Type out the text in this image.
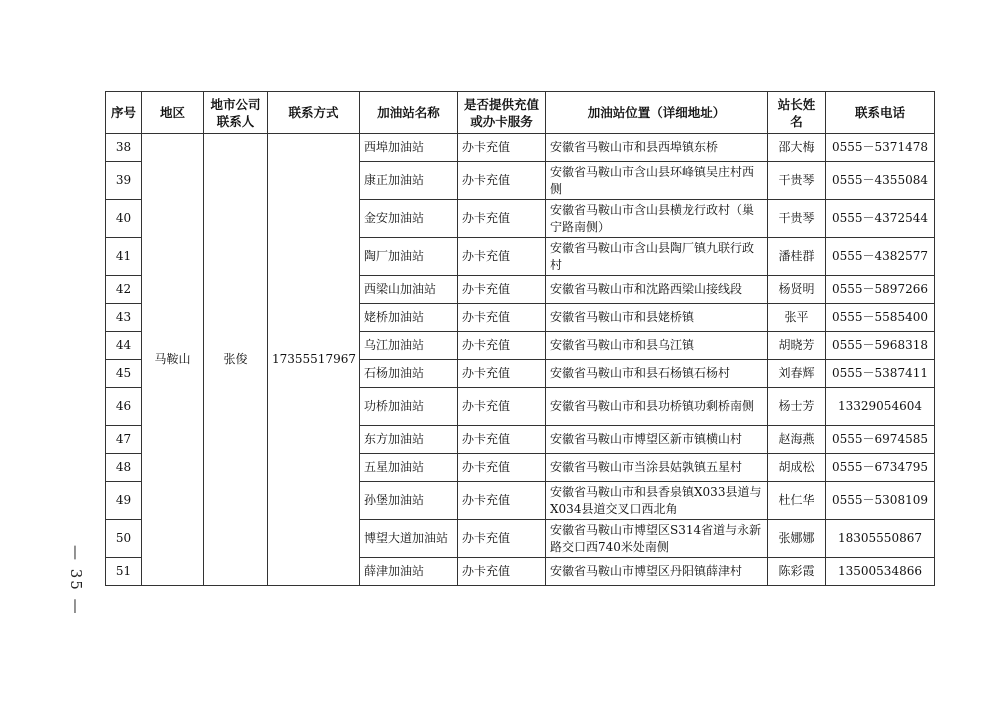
序号	地区	地市公司联系人	联系方式	加油站名称	是否提供充值或办卡服务	加油站位置（详细地址）	站长姓名	联系电话
38	马鞍山	张俊	17355517967	西埠加油站	办卡充值	安徽省马鞍山市和县西埠镇东桥	邵大梅	0555－5371478
39				康正加油站	办卡充值	安徽省马鞍山市含山县环峰镇吴庄村西侧	干贵琴	0555－4355084
40				金安加油站	办卡充值	安徽省马鞍山市含山县横龙行政村（巢宁路南侧）	干贵琴	0555－4372544
41				陶厂加油站	办卡充值	安徽省马鞍山市含山县陶厂镇九联行政村	潘桂群	0555－4382577
42				西梁山加油站	办卡充值	安徽省马鞍山市和沈路西梁山接线段	杨贤明	0555－5897266
43				姥桥加油站	办卡充值	安徽省马鞍山市和县姥桥镇	张平	0555－5585400
44				乌江加油站	办卡充值	安徽省马鞍山市和县乌江镇	胡晓芳	0555－5968318
45				石杨加油站	办卡充值	安徽省马鞍山市和县石杨镇石杨村	刘春辉	0555－5387411
46				功桥加油站	办卡充值	安徽省马鞍山市和县功桥镇功剩桥南侧	杨士芳	13329054604
47				东方加油站	办卡充值	安徽省马鞍山市博望区新市镇横山村	赵海燕	0555－6974585
48				五星加油站	办卡充值	安徽省马鞍山市当涂县姑孰镇五星村	胡成松	0555－6734795
49				孙堡加油站	办卡充值	安徽省马鞍山市和县香泉镇X033县道与X034县道交叉口西北角	杜仁华	0555－5308109
50				博望大道加油站	办卡充值	安徽省马鞍山市博望区S314省道与永新路交口西740米处南侧	张娜娜	18305550867
51				薛津加油站	办卡充值	安徽省马鞍山市博望区丹阳镇薛津村	陈彩霞	13500534866
— 35 —
